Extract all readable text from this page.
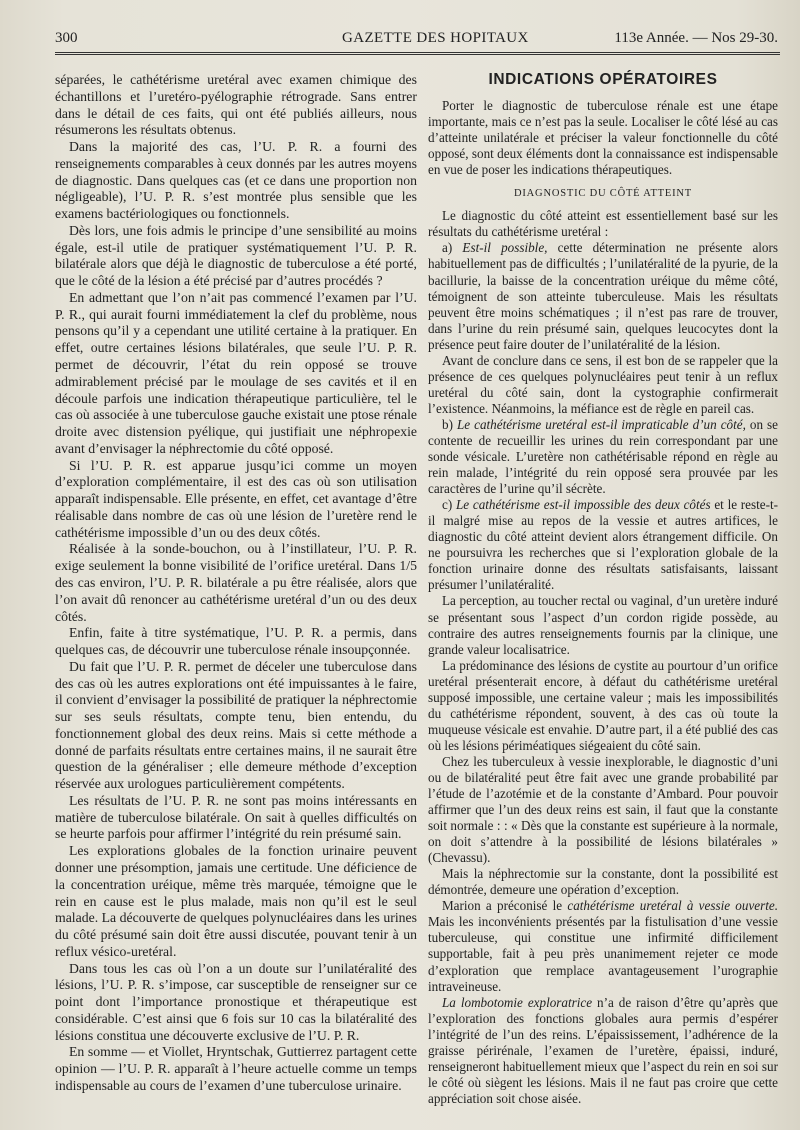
300	GAZETTE DES HOPITAUX	113e Année. — Nos 29-30.

séparées, le cathétérisme uretéral avec examen chimique des échantillons et l’uretéro-pyélographie rétrograde. Sans entrer dans le détail de ces faits, qui ont été publiés ailleurs, nous résumerons les résultats obtenus.

Dans la majorité des cas, l’U. P. R. a fourni des renseignements comparables à ceux donnés par les autres moyens de diagnostic. Dans quelques cas (et ce dans une proportion non négligeable), l’U. P. R. s’est montrée plus sensible que les examens bactériologiques ou fonctionnels.

Dès lors, une fois admis le principe d’une sensibilité au moins égale, est-il utile de pratiquer systématiquement l’U. P. R. bilatérale alors que déjà le diagnostic de tuberculose a été porté, que le côté de la lésion a été précisé par d’autres procédés ?

En admettant que l’on n’ait pas commencé l’examen par l’U. P. R., qui aurait fourni immédiatement la clef du problème, nous pensons qu’il y a cependant une utilité certaine à la pratiquer. En effet, outre certaines lésions bilatérales, que seule l’U. P. R. permet de découvrir, l’état du rein opposé se trouve admirablement précisé par le moulage de ses cavités et il en découle parfois une indication thérapeutique particulière, tel le cas où associée à une tuberculose gauche existait une ptose rénale droite avec distension pyélique, qui justifiait une néphropexie avant d’envisager la néphrectomie du côté opposé.

Si l’U. P. R. est apparue jusqu’ici comme un moyen d’exploration complémentaire, il est des cas où son utilisation apparaît indispensable. Elle présente, en effet, cet avantage d’être réalisable dans nombre de cas où une lésion de l’uretère rend le cathétérisme impossible d’un ou des deux côtés.

Réalisée à la sonde-bouchon, ou à l’instillateur, l’U. P. R. exige seulement la bonne visibilité de l’orifice uretéral. Dans 1/5 des cas environ, l’U. P. R. bilatérale a pu être réalisée, alors que l’on avait dû renoncer au cathétérisme uretéral d’un ou des deux côtés.

Enfin, faite à titre systématique, l’U. P. R. a permis, dans quelques cas, de découvrir une tuberculose rénale insoupçonnée.

Du fait que l’U. P. R. permet de déceler une tuberculose dans des cas où les autres explorations ont été impuissantes à le faire, il convient d’envisager la possibilité de pratiquer la néphrectomie sur ses seuls résultats, compte tenu, bien entendu, du fonctionnement global des deux reins. Mais si cette méthode a donné de parfaits résultats entre certaines mains, il ne saurait être question de la généraliser ; elle demeure méthode d’exception réservée aux urologues particulièrement compétents.

Les résultats de l’U. P. R. ne sont pas moins intéressants en matière de tuberculose bilatérale. On sait à quelles difficultés on se heurte parfois pour affirmer l’intégrité du rein présumé sain.

Les explorations globales de la fonction urinaire peuvent donner une présomption, jamais une certitude. Une déficience de la concentration uréique, même très marquée, témoigne que le rein en cause est le plus malade, mais non qu’il est le seul malade. La découverte de quelques polynucléaires dans les urines du côté présumé sain doit être aussi discutée, pouvant tenir à un reflux vésico-uretéral.

Dans tous les cas où l’on a un doute sur l’unilatéralité des lésions, l’U. P. R. s’impose, car susceptible de renseigner sur ce point dont l’importance pronostique et thérapeutique est considérable. C’est ainsi que 6 fois sur 10 cas la bilatéralité des lésions constitua une découverte exclusive de l’U. P. R.

En somme — et Viollet, Hryntschak, Guttierrez partagent cette opinion — l’U. P. R. apparaît à l’heure actuelle comme un temps indispensable au cours de l’examen d’une tuberculose urinaire.

INDICATIONS OPÉRATOIRES

Porter le diagnostic de tuberculose rénale est une étape importante, mais ce n’est pas la seule. Localiser le côté lésé au cas d’atteinte unilatérale et préciser la valeur fonctionnelle du côté opposé, sont deux éléments dont la connaissance est indispensable en vue de poser les indications thérapeutiques.

DIAGNOSTIC DU CÔTÉ ATTEINT

Le diagnostic du côté atteint est essentiellement basé sur les résultats du cathétérisme uretéral :

a) Est-il possible, cette détermination ne présente alors habituellement pas de difficultés ; l’unilatéralité de la pyurie, de la bacillurie, la baisse de la concentration uréique du même côté, témoignent de son atteinte tuberculeuse. Mais les résultats peuvent être moins schématiques ; il n’est pas rare de trouver, dans l’urine du rein présumé sain, quelques leucocytes dont la présence peut faire douter de l’unilatéralité de la lésion.

Avant de conclure dans ce sens, il est bon de se rappeler que la présence de ces quelques polynucléaires peut tenir à un reflux uretéral du côté sain, dont la cystographie confirmerait l’existence. Néanmoins, la méfiance est de règle en pareil cas.

b) Le cathétérisme uretéral est-il impraticable d’un côté, on se contente de recueillir les urines du rein correspondant par une sonde vésicale. L’uretère non cathétérisable répond en règle au rein malade, l’intégrité du rein opposé sera prouvée par les caractères de l’urine qu’il sécrète.

c) Le cathétérisme est-il impossible des deux côtés et le reste-t-il malgré mise au repos de la vessie et autres artifices, le diagnostic du côté atteint devient alors étrangement difficile. On ne poursuivra les recherches que si l’exploration globale de la fonction urinaire donne des résultats satisfaisants, laissant présumer l’unilatéralité.

La perception, au toucher rectal ou vaginal, d’un uretère induré se présentant sous l’aspect d’un cordon rigide possède, au contraire des autres renseignements fournis par la clinique, une grande valeur localisatrice.

La prédominance des lésions de cystite au pourtour d’un orifice uretéral présenterait encore, à défaut du cathétérisme uretéral supposé impossible, une certaine valeur ; mais les impossibilités du cathétérisme répondent, souvent, à des cas où toute la muqueuse vésicale est envahie. D’autre part, il a été publié des cas où les lésions périméatiques siégeaient du côté sain.

Chez les tuberculeux à vessie inexplorable, le diagnostic d’uni ou de bilatéralité peut être fait avec une grande probabilité par l’étude de l’azotémie et de la constante d’Ambard. Pour pouvoir affirmer que l’un des deux reins est sain, il faut que la constante soit normale : : « Dès que la constante est supérieure à la normale, on doit s’attendre à la possibilité de lésions bilatérales » (Chevassu).

Mais la néphrectomie sur la constante, dont la possibilité est démontrée, demeure une opération d’exception.

Marion a préconisé le cathétérisme uretéral à vessie ouverte. Mais les inconvénients présentés par la fistulisation d’une vessie tuberculeuse, qui constitue une infirmité difficilement supportable, fait à peu près unanimement rejeter ce mode d’exploration que remplace avantageusement l’urographie intraveineuse.

La lombotomie exploratrice n’a de raison d’être qu’après que l’exploration des fonctions globales aura permis d’espérer l’intégrité de l’un des reins. L’épaississement, l’adhérence de la graisse périrénale, l’examen de l’uretère, épaissi, induré, renseigneront habituellement mieux que l’aspect du rein en soi sur le côté où siègent les lésions. Mais il ne faut pas croire que cette appréciation soit chose aisée.
